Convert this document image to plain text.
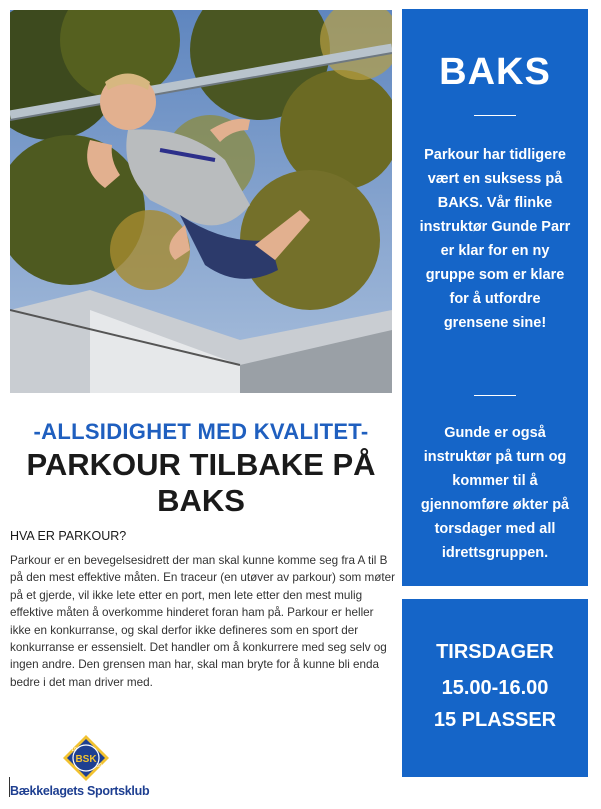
-ALLSIDIGHET MED KVALITET-
PARKOUR TILBAKE PÅ BAKS
HVA ER PARKOUR?
Parkour er en bevegelsesidrett der man skal kunne komme seg fra A til B på den mest effektive måten. En traceur (en utøver av parkour) som møter på et gjerde, vil ikke lete etter en port, men lete etter den mest mulig effektive måten å overkomme hinderet foran ham på. Parkour er heller ikke en konkurranse, og skal derfor ikke defineres som en sport der konkurranse er essensielt. Det handler om å konkurrere med seg selv og ingen andre. Den grensen man har, skal man bryte for å kunne bli enda bedre i det man driver med.
BAKS
Parkour har tidligere vært en suksess på BAKS. Vår flinke instruktør Gunde Parr er klar for en ny gruppe som er klare for å utfordre grensene sine!
Gunde er også instruktør på turn og kommer til å gjennomføre økter på torsdager med all idrettsgruppen.
TIRSDAGER
15.00-16.00
15 PLASSER
BSK
19
09
Bækkelagets Sportsklub
